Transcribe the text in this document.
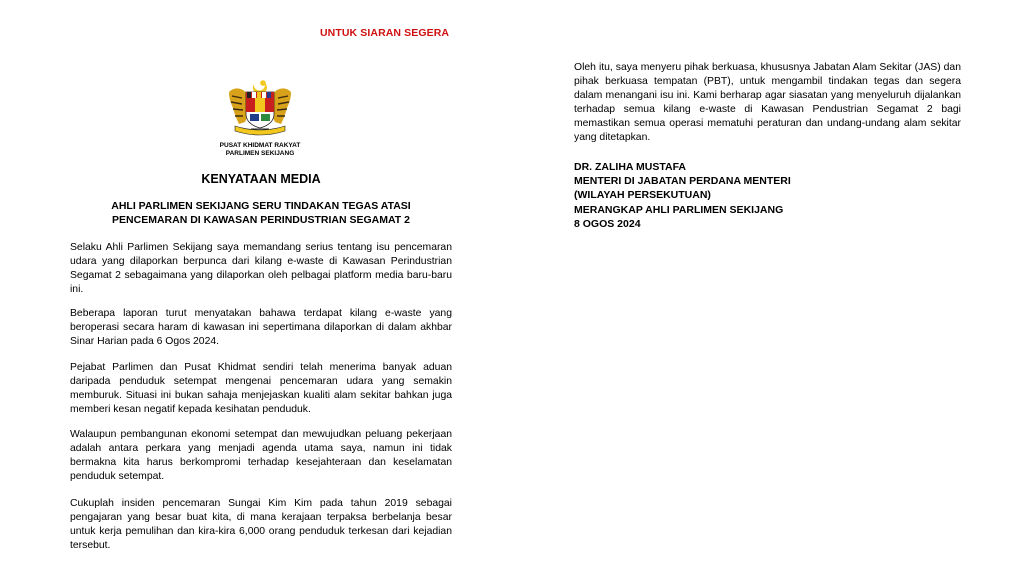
UNTUK SIARAN SEGERA
PUSAT KHIDMAT RAKYAT
PARLIMEN SEKIJANG
KENYATAAN MEDIA
AHLI PARLIMEN SEKIJANG SERU TINDAKAN TEGAS ATASI
PENCEMARAN DI KAWASAN PERINDUSTRIAN SEGAMAT 2

Selaku Ahli Parlimen Sekijang saya memandang serius tentang isu pencemaran udara yang dilaporkan berpunca dari kilang e-waste di Kawasan Perindustrian Segamat 2 sebagaimana yang dilaporkan oleh pelbagai platform media baru-baru ini.

Beberapa laporan turut menyatakan bahawa terdapat kilang e-waste yang beroperasi secara haram di kawasan ini sepertimana dilaporkan di dalam akhbar Sinar Harian pada 6 Ogos 2024.

Pejabat Parlimen dan Pusat Khidmat sendiri telah menerima banyak aduan daripada penduduk setempat mengenai pencemaran udara yang semakin memburuk. Situasi ini bukan sahaja menjejaskan kualiti alam sekitar bahkan juga memberi kesan negatif kepada kesihatan penduduk.

Walaupun pembangunan ekonomi setempat dan mewujudkan peluang pekerjaan adalah antara perkara yang menjadi agenda utama saya, namun ini tidak bermakna kita harus berkompromi terhadap kesejahteraan dan keselamatan penduduk setempat.

Cukuplah insiden pencemaran Sungai Kim Kim pada tahun 2019 sebagai pengajaran yang besar buat kita, di mana kerajaan terpaksa berbelanja besar untuk kerja pemulihan dan kira-kira 6,000 orang penduduk terkesan dari kejadian tersebut.

Oleh itu, saya menyeru pihak berkuasa, khususnya Jabatan Alam Sekitar (JAS) dan pihak berkuasa tempatan (PBT), untuk mengambil tindakan tegas dan segera dalam menangani isu ini. Kami berharap agar siasatan yang menyeluruh dijalankan terhadap semua kilang e-waste di Kawasan Pendustrian Segamat 2 bagi memastikan semua operasi mematuhi peraturan dan undang-undang alam sekitar yang ditetapkan.

DR. ZALIHA MUSTAFA
MENTERI DI JABATAN PERDANA MENTERI
(WILAYAH PERSEKUTUAN)
MERANGKAP AHLI PARLIMEN SEKIJANG
8 OGOS 2024
